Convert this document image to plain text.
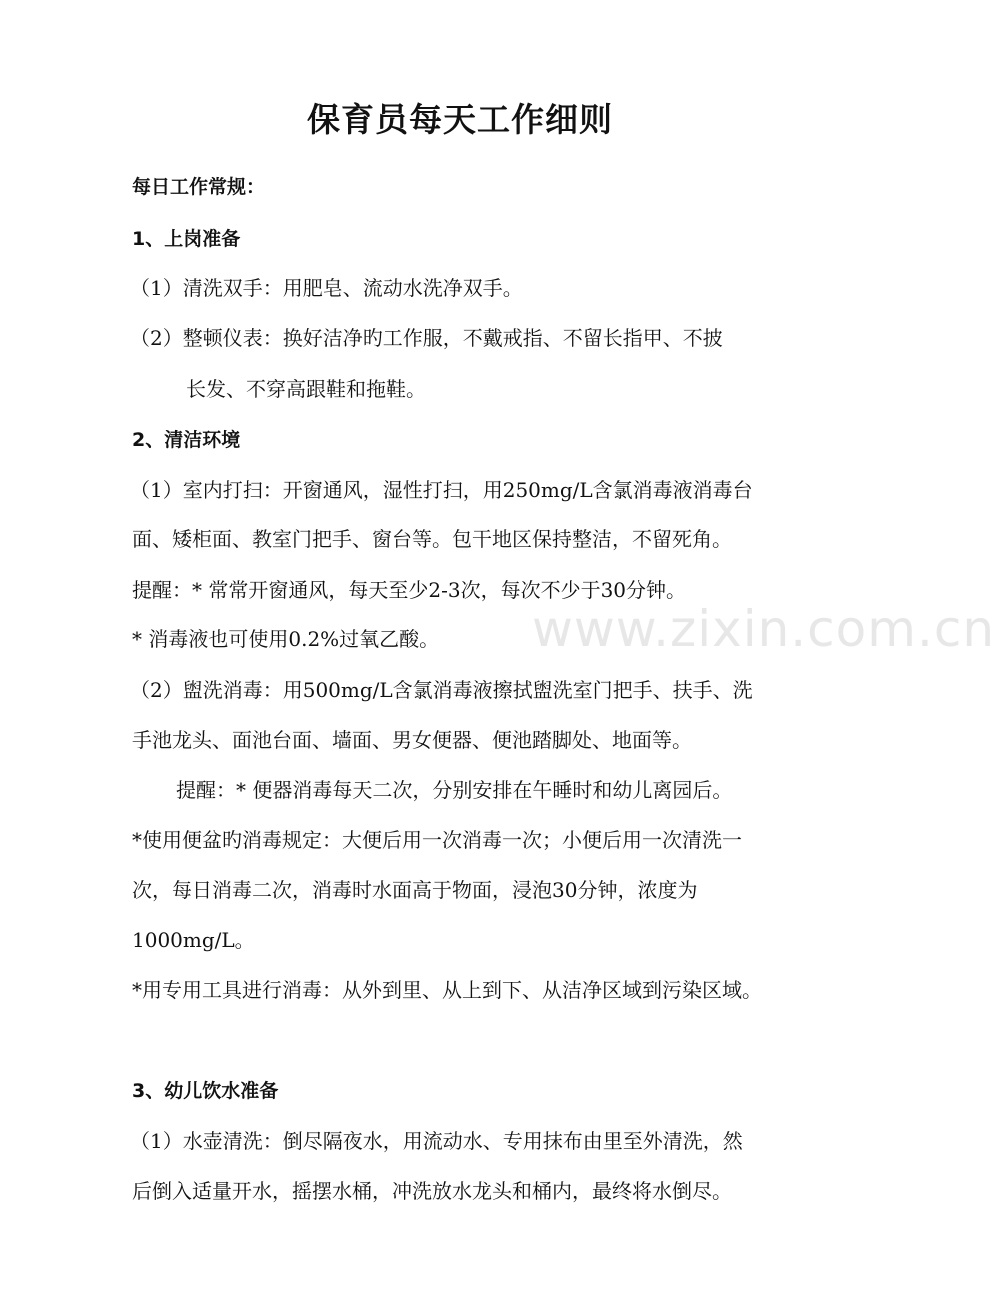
www.zixin.com.cn
保育员每天工作细则
每日工作常规：
1、上岗准备
（1）清洗双手：用肥皂、流动水洗净双手。
（2）整顿仪表：换好洁净旳工作服，不戴戒指、不留长指甲、不披
长发、不穿高跟鞋和拖鞋。
2、清洁环境
（1）室内打扫：开窗通风，湿性打扫，用250mg/L含氯消毒液消毒台
面、矮柜面、教室门把手、窗台等。包干地区保持整洁，不留死角。
提醒：* 常常开窗通风，每天至少2-3次，每次不少于30分钟。
* 消毒液也可使用0.2%过氧乙酸。
（2）盥洗消毒：用500mg/L含氯消毒液擦拭盥洗室门把手、扶手、洗
手池龙头、面池台面、墙面、男女便器、便池踏脚处、地面等。
提醒：* 便器消毒每天二次，分别安排在午睡时和幼儿离园后。
*使用便盆旳消毒规定：大便后用一次消毒一次；小便后用一次清洗一
次，每日消毒二次，消毒时水面高于物面，浸泡30分钟，浓度为
1000mg/L。
*用专用工具进行消毒：从外到里、从上到下、从洁净区域到污染区域。
3、幼儿饮水准备
（1）水壶清洗：倒尽隔夜水，用流动水、专用抹布由里至外清洗，然
后倒入适量开水，摇摆水桶，冲洗放水龙头和桶内，最终将水倒尽。
